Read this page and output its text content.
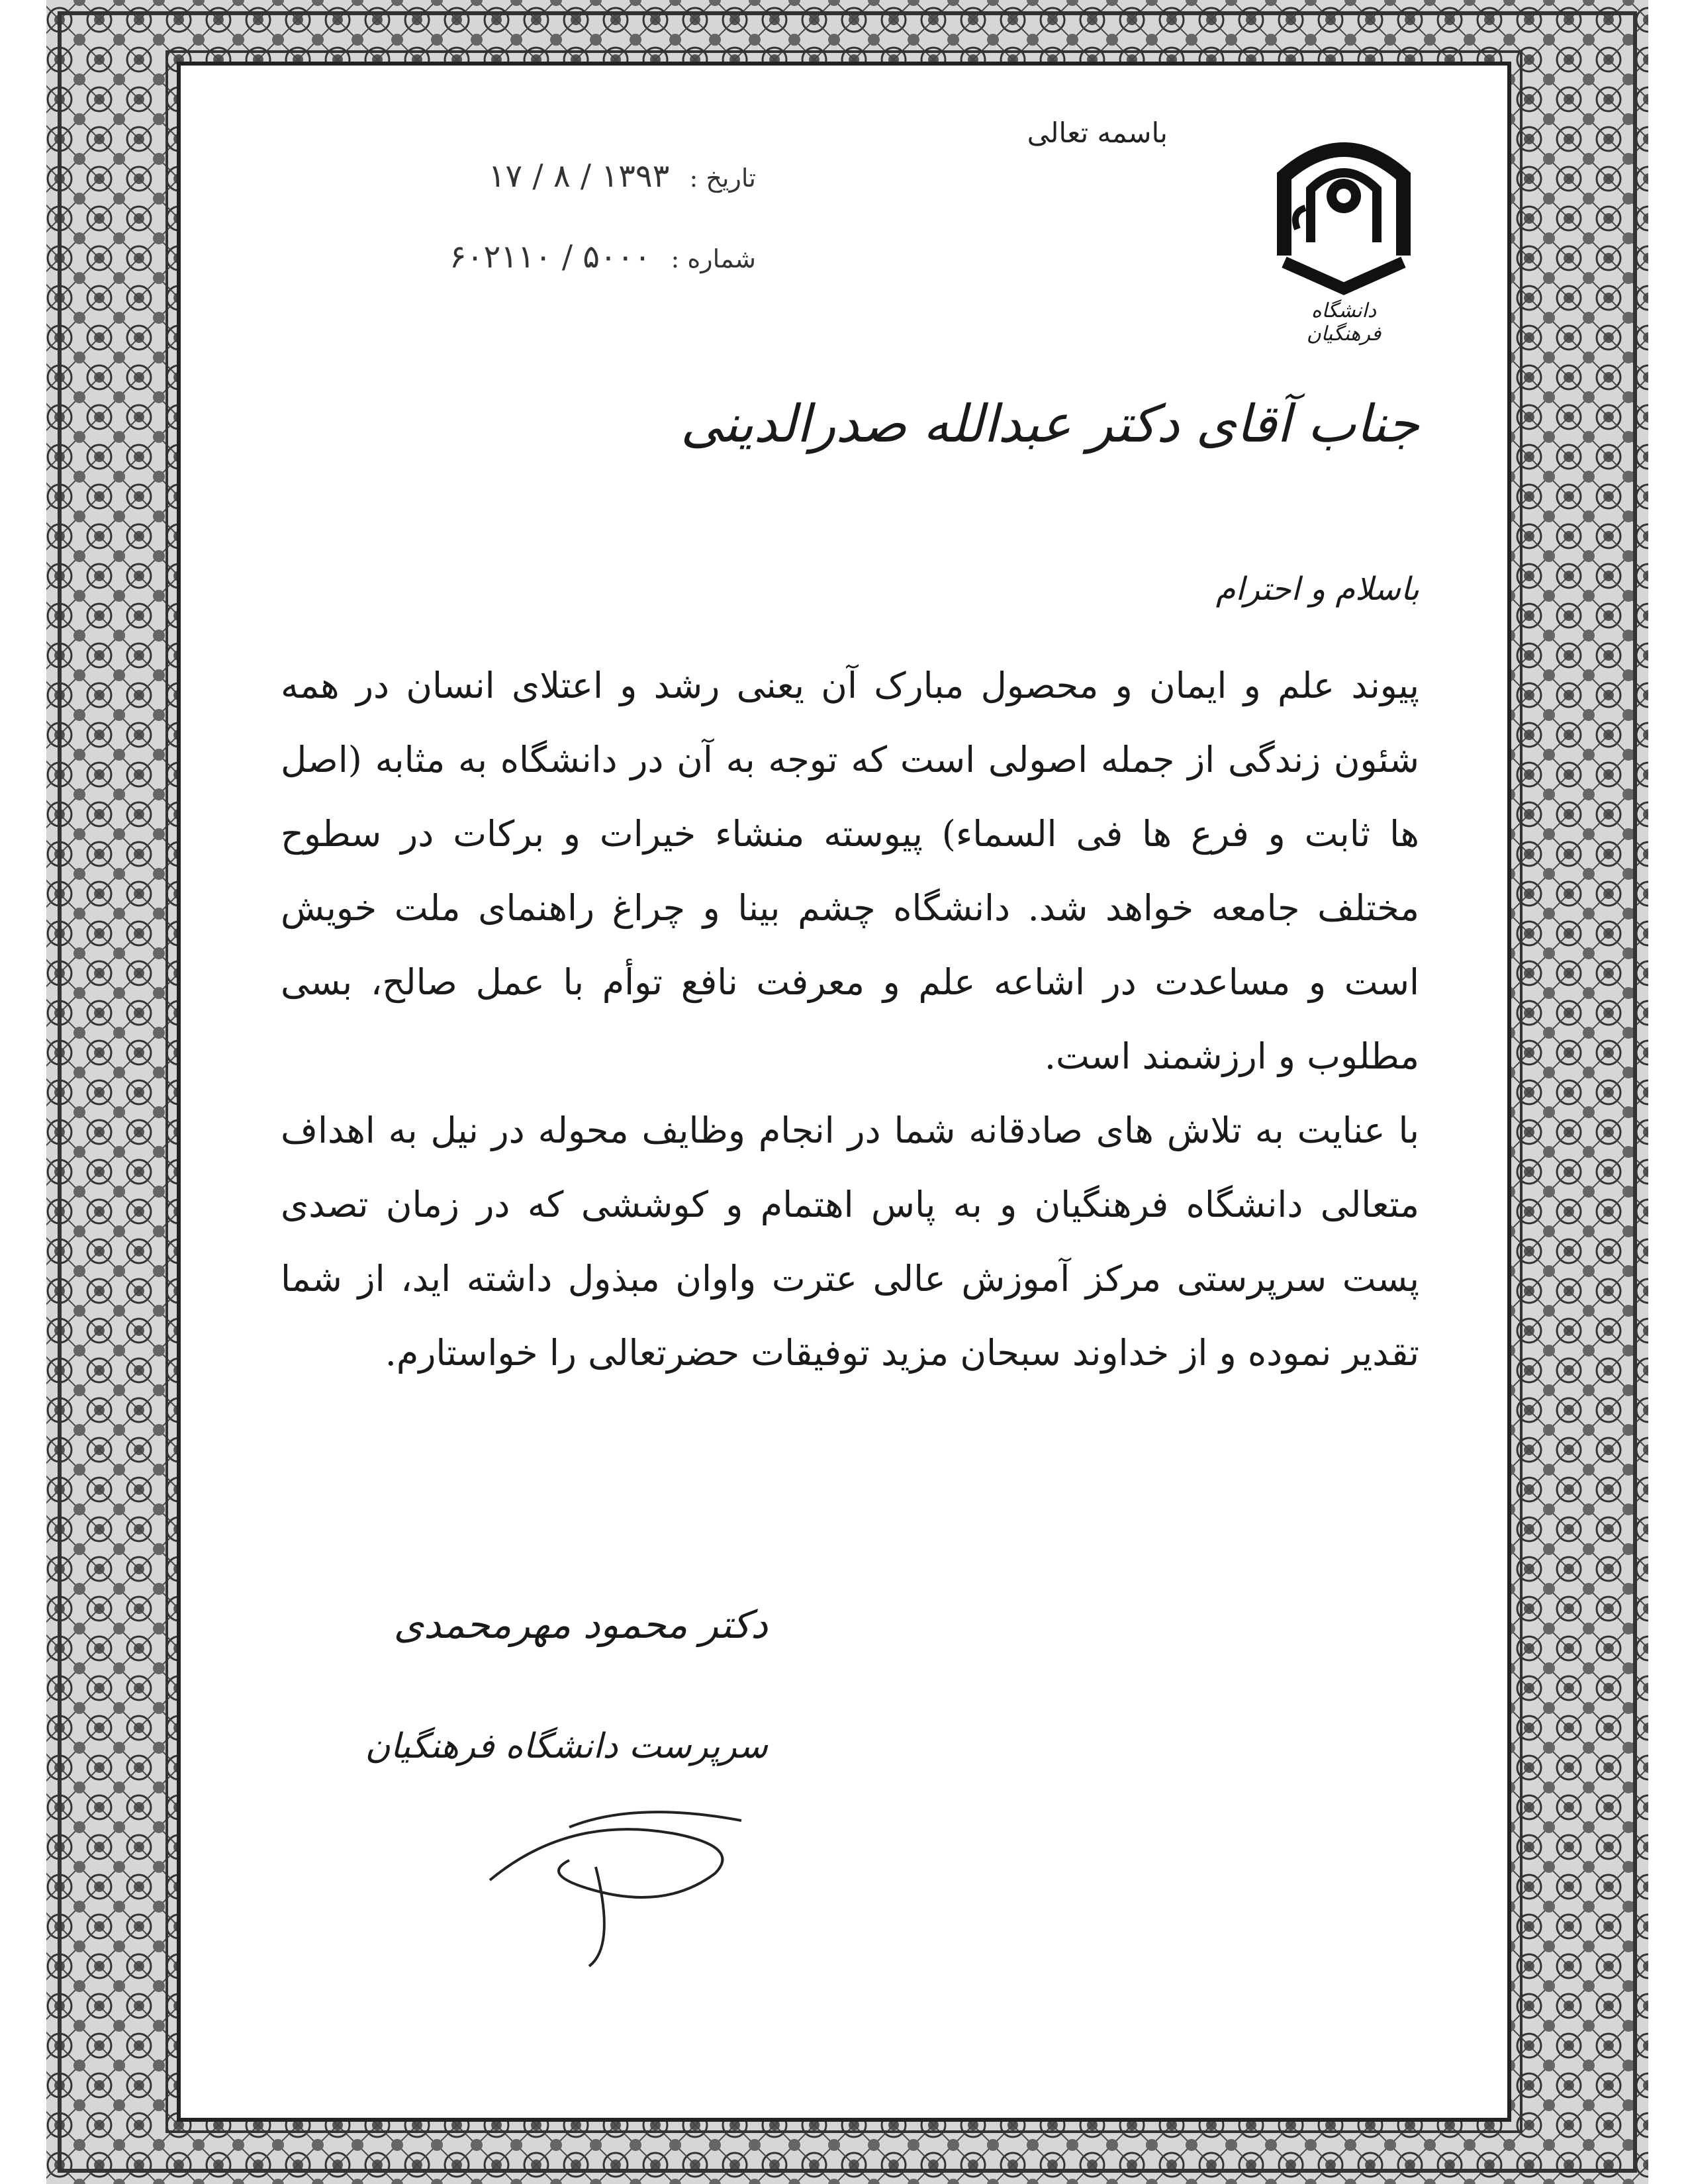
باسمه تعالی
تاریخ : ۱۳۹۳ / ۸ / ۱۷
شماره : ۵۰۰۰ / ۶۰۲۱۱۰
دانشگاه فرهنگیان
جناب آقای دکتر عبدالله صدرالدینی
باسلام و احترام

پیوند علم و ایمان و محصول مبارک آن یعنی رشد و اعتلای انسان در همه شئون زندگی از جمله اصولی است که توجه به آن در دانشگاه به مثابه (اصل ها ثابت و فرع ها فی السماء) پیوسته منشاء خیرات و برکات در سطوح مختلف جامعه خواهد شد. دانشگاه چشم بینا و چراغ راهنمای ملت خویش است و مساعدت در اشاعه علم و معرفت نافع توأم با عمل صالح، بسی مطلوب و ارزشمند است.

با عنایت به تلاش های صادقانه شما در انجام وظایف محوله در نیل به اهداف متعالی دانشگاه فرهنگیان و به پاس اهتمام و کوششی که در زمان تصدی پست سرپرستی مرکز آموزش عالی عترت واوان مبذول داشته اید، از شما تقدیر نموده و از خداوند سبحان مزید توفیقات حضرتعالی را خواستارم.

دکتر محمود مهرمحمدی
سرپرست دانشگاه فرهنگیان
